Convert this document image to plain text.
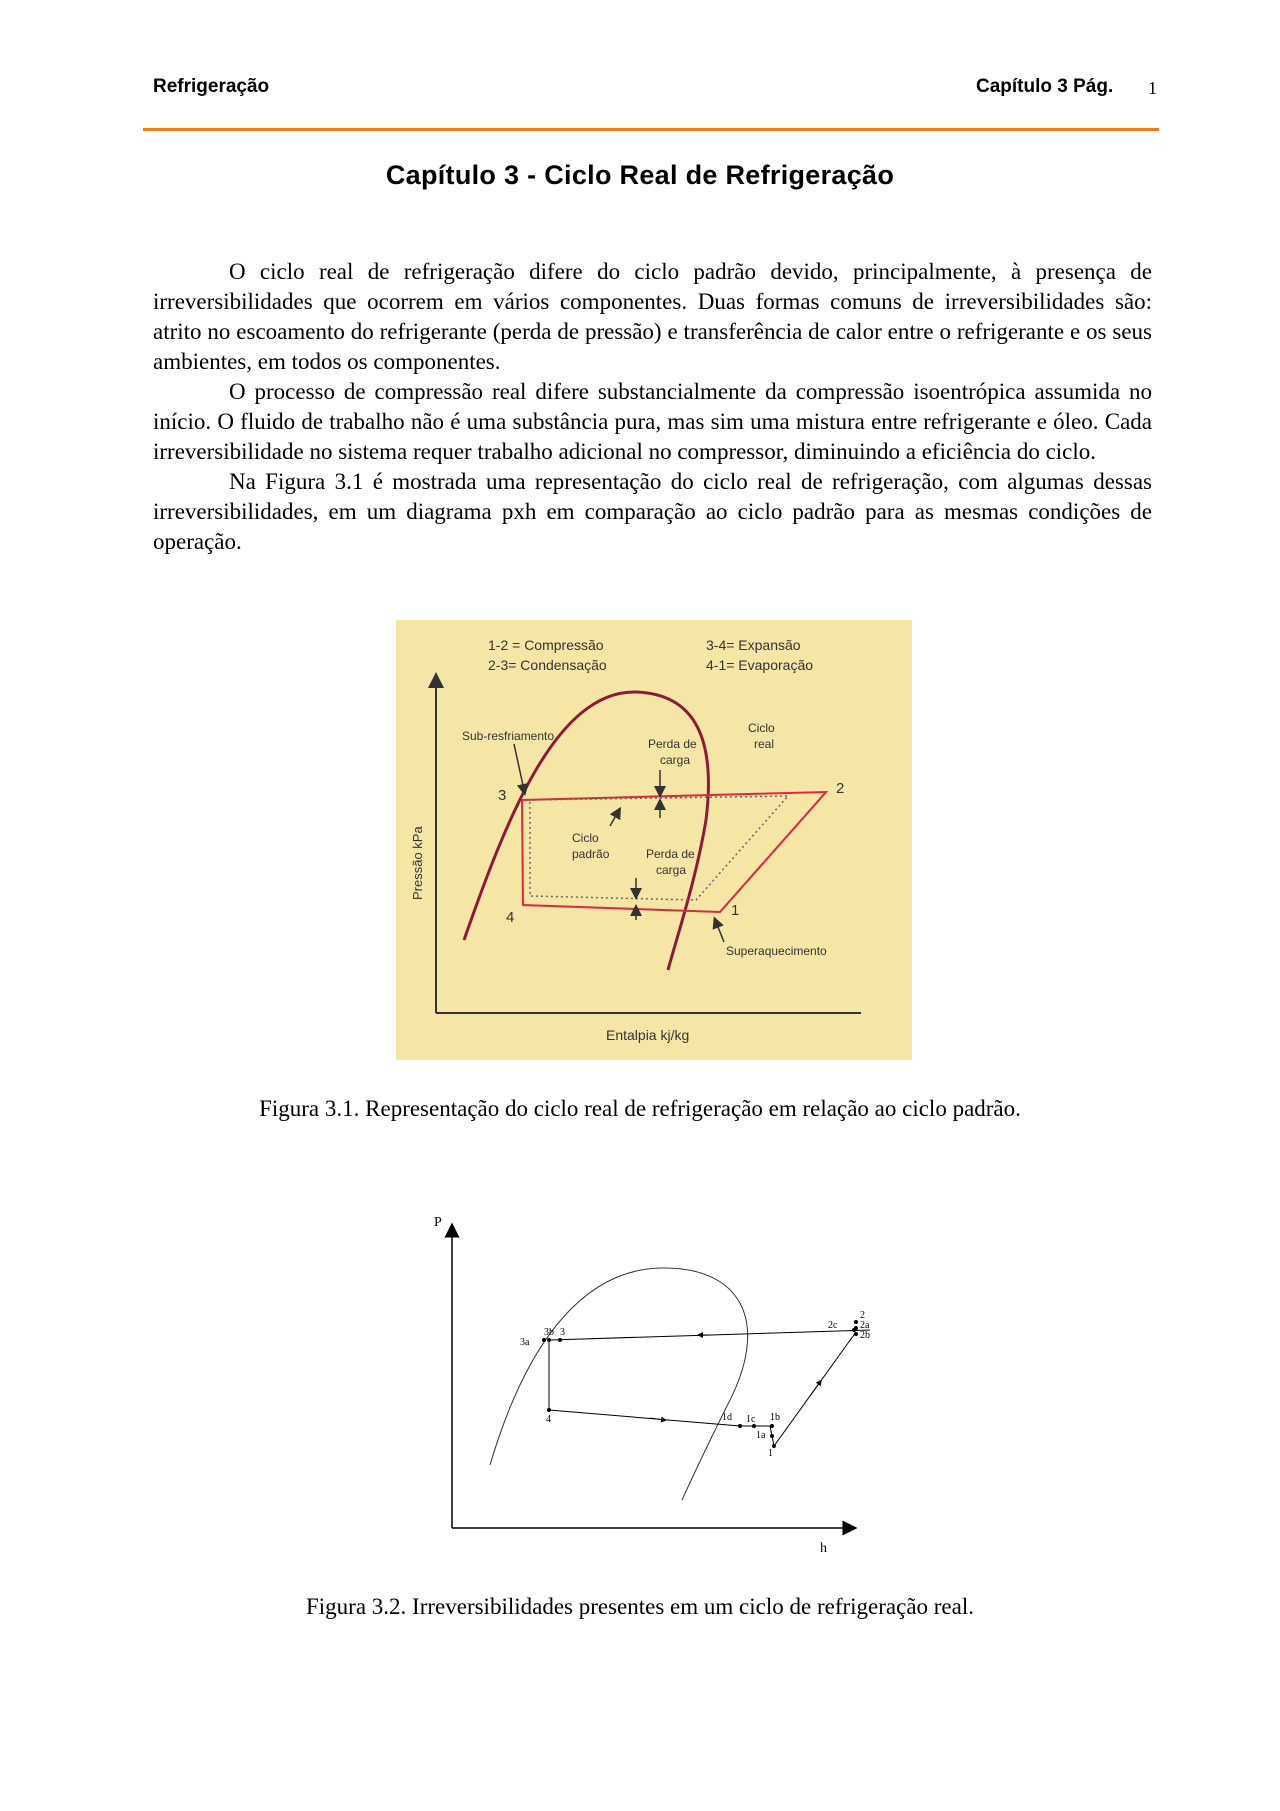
Refrigeração	Capítulo 3 Pág. 1
Capítulo 3 - Ciclo Real de Refrigeração

O ciclo real de refrigeração difere do ciclo padrão devido, principalmente, à presença de irreversibilidades que ocorrem em vários componentes. Duas formas comuns de irreversibilidades são: atrito no escoamento do refrigerante (perda de pressão) e transferência de calor entre o refrigerante e os seus ambientes, em todos os componentes.

O processo de compressão real difere substancialmente da compressão isoentrópica assumida no início. O fluido de trabalho não é uma substância pura, mas sim uma mistura entre refrigerante e óleo. Cada irreversibilidade no sistema requer trabalho adicional no compressor, diminuindo a eficiência do ciclo.

Na Figura 3.1 é mostrada uma representação do ciclo real de refrigeração, com algumas dessas irreversibilidades, em um diagrama pxh em comparação ao ciclo padrão para as mesmas condições de operação.

1-2 = Compressão
2-3= Condensação
3-4= Expansão
4-1= Evaporação
Sub-resfriamento
Perda de
carga
Ciclo
real
Ciclo
padrão	Perda de
carga
Superaquecimento
Entalpia kj/kg
Pressão kPa
3	2
4	1
Figura 3.1. Representação do ciclo real de refrigeração em relação ao ciclo padrão.
P
h
3a
3b 3
4	1d 1c 1b
1a
1
2c
2
2a
2b
Figura 3.2. Irreversibilidades presentes em um ciclo de refrigeração real.
